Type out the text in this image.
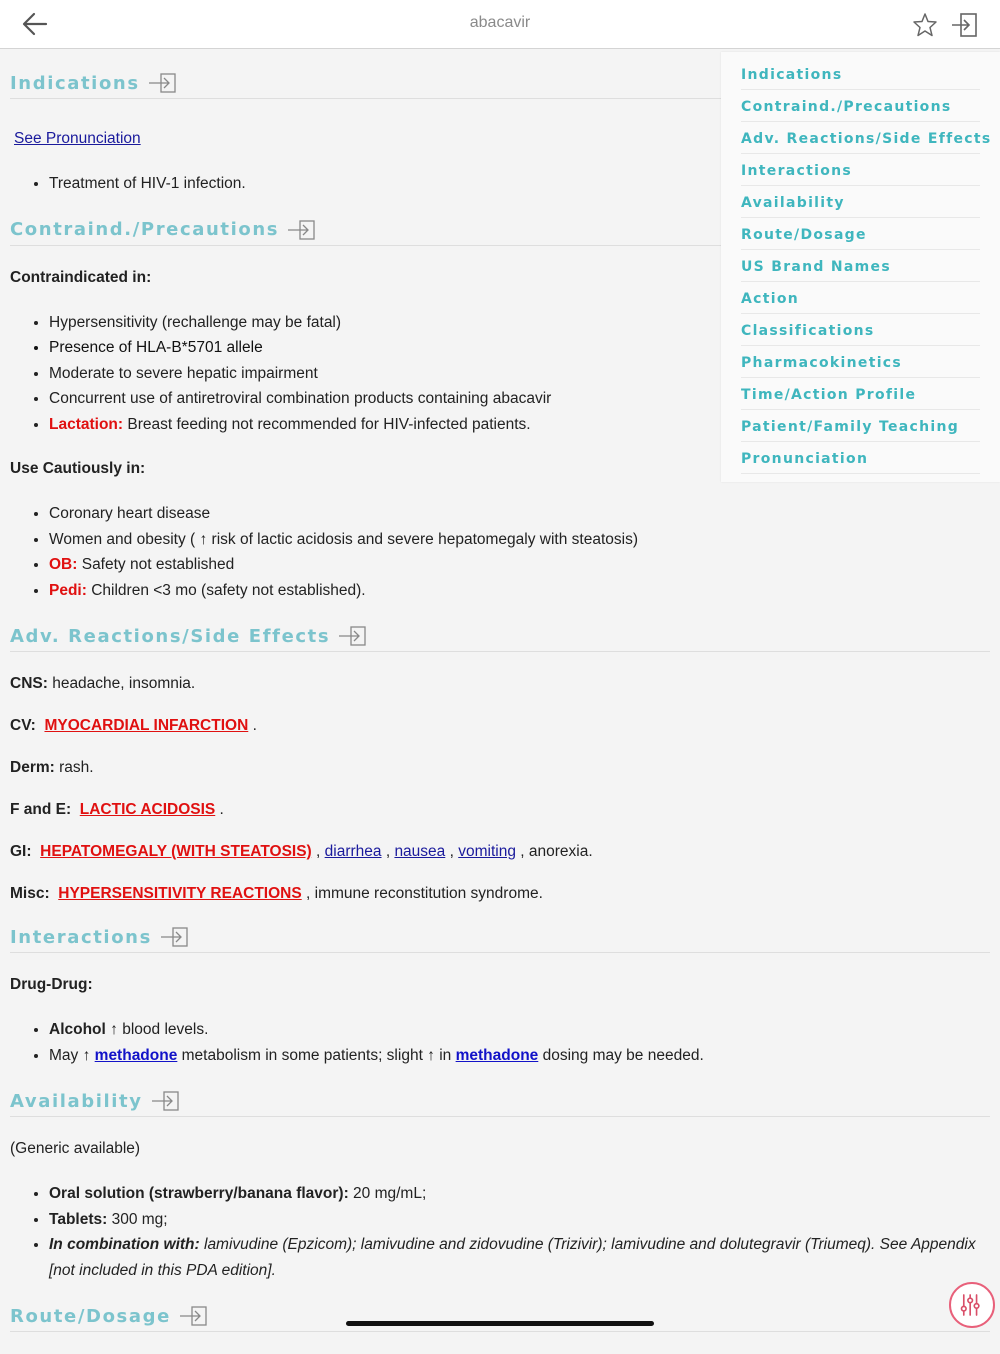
abacavir
Indications

See Pronunciation

• Treatment of HIV-1 infection.
Contraind./Precautions

Contraindicated in:

• Hypersensitivity (rechallenge may be fatal)
• Presence of HLA-B*5701 allele
• Moderate to severe hepatic impairment
• Concurrent use of antiretroviral combination products containing abacavir
• Lactation: Breast feeding not recommended for HIV-infected patients.

Use Cautiously in:

• Coronary heart disease
• Women and obesity ( ↑ risk of lactic acidosis and severe hepatomegaly with steatosis)
• OB: Safety not established
• Pedi: Children <3 mo (safety not established).
Adv. Reactions/Side Effects

CNS: headache, insomnia.

CV: MYOCARDIAL INFARCTION .

Derm: rash.

F and E: LACTIC ACIDOSIS .

GI: HEPATOMEGALY (WITH STEATOSIS) , diarrhea , nausea , vomiting , anorexia.

Misc: HYPERSENSITIVITY REACTIONS , immune reconstitution syndrome.

Interactions

Drug-Drug:

• Alcohol ↑ blood levels.
• May ↑ methadone metabolism in some patients; slight ↑ in methadone dosing may be needed.
Availability

(Generic available)

• Oral solution (strawberry/banana flavor): 20 mg/mL;
• Tablets: 300 mg;
• In combination with: lamivudine (Epzicom); lamivudine and zidovudine (Trizivir); lamivudine and dolutegravir (Triumeq). See Appendix [not included in this PDA edition].
Route/Dosage
Indications
Contraind./Precautions
Adv. Reactions/Side Effects
Interactions
Availability
Route/Dosage
US Brand Names
Action
Classifications
Pharmacokinetics
Time/Action Profile
Patient/Family Teaching
Pronunciation
